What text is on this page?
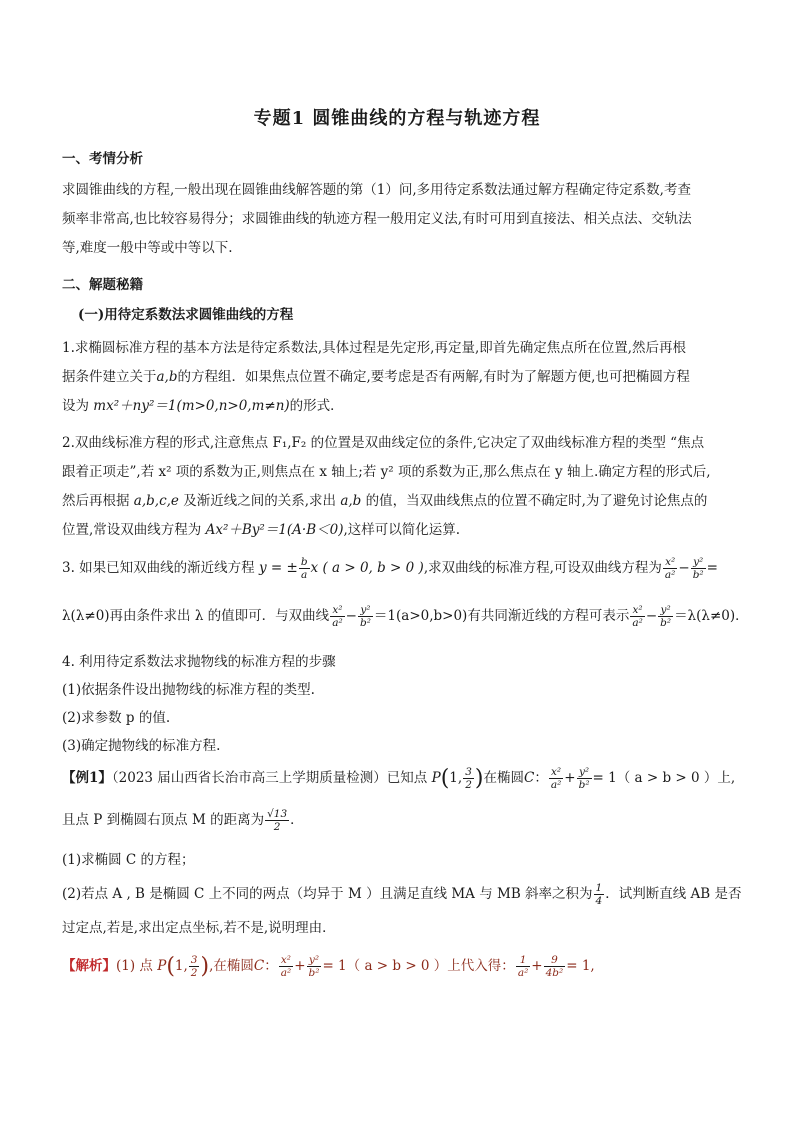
专题1 圆锥曲线的方程与轨迹方程
一、考情分析
求圆锥曲线的方程,一般出现在圆锥曲线解答题的第（1）问,多用待定系数法通过解方程确定待定系数,考查
频率非常高,也比较容易得分；求圆锥曲线的轨迹方程一般用定义法,有时可用到直接法、相关点法、交轨法
等,难度一般中等或中等以下.
二、解题秘籍
(一)用待定系数法求圆锥曲线的方程
1.求椭圆标准方程的基本方法是待定系数法,具体过程是先定形,再定量,即首先确定焦点所在位置,然后再根
据条件建立关于a,b的方程组．如果焦点位置不确定,要考虑是否有两解,有时为了解题方便,也可把椭圆方程
设为 mx²＋ny²＝1(m>0,n>0,m≠n)的形式．
2.双曲线标准方程的形式,注意焦点 F₁,F₂ 的位置是双曲线定位的条件,它决定了双曲线标准方程的类型 “焦点
跟着正项走”,若 x² 项的系数为正,则焦点在 x 轴上;若 y² 项的系数为正,那么焦点在 y 轴上.确定方程的形式后,
然后再根据 a,b,c,e 及渐近线之间的关系,求出 a,b 的值，当双曲线焦点的位置不确定时,为了避免讨论焦点的
位置,常设双曲线方程为 Ax²＋By²＝1(A·B＜0),这样可以简化运算.
3. 如果已知双曲线的渐近线方程 y = ± $\frac{b}{a}$ x ( a > 0, b > 0 ),求双曲线的标准方程,可设双曲线方程为 $\frac{\text{x²}}{\text{a²}} - \frac{\text{y²}}{\text{b²}}$ =
λ(λ≠0)再由条件求出 λ 的值即可．与双曲线 $\frac{\text{x²}}{\text{a²}} - \frac{\text{y²}}{\text{b²}} =1(a>0,b>0)$有共同渐近线的方程可表示 $\frac{\text{x²}}{\text{a²}} - \frac{\text{y²}}{\text{b²}} =\lambda(\lambda\ne 0)$．
4. 利用待定系数法求抛物线的标准方程的步骤
(1)依据条件设出抛物线的标准方程的类型.
(2)求参数 p 的值.
(3)确定抛物线的标准方程.
【例1】（2023 届山西省长治市高三上学期质量检测）已知点 P(1, $\frac{3}{2}$ )在椭圆C： $\frac{\text{x²}}{\text{a²}} + \frac{\text{y²}}{\text{b²}} = 1$（ a > b > 0 ）上,
且点 P 到椭圆右顶点 M 的距离为 $\frac{√13}{2}$ ．
(1)求椭圆 C 的方程；
(2)若点 A , B 是椭圆 C 上不同的两点（均异于 M ）且满足直线 MA 与 MB 斜率之积为 $\frac{1}{4}$ ．试判断直线 AB 是否
过定点,若是,求出定点坐标,若不是,说明理由．
【解析】(1) 点 P(1, $\frac{3}{2}$ ),在椭圆C： $\frac{\text{x²}}{\text{a²}} + \frac{\text{y²}}{\text{b²}} = 1$（ a > b > 0 ）上代入得： $\frac{1}{\text{a²}} + \frac{9}{\text{4b²}} = 1$,
